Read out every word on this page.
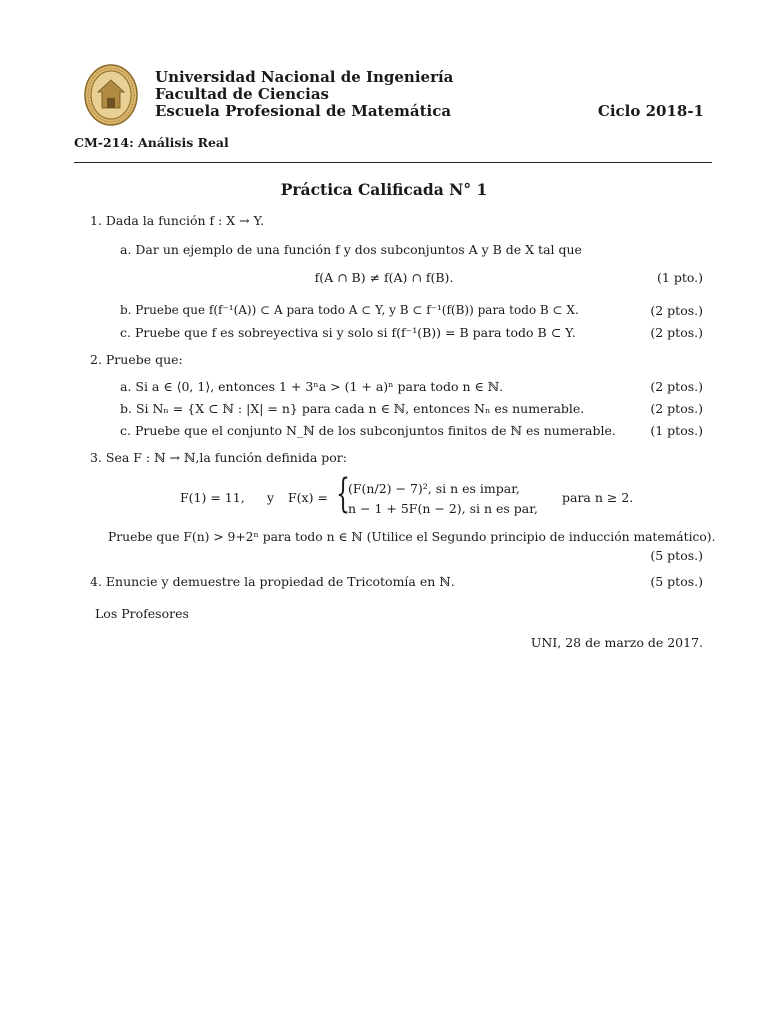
Universidad Nacional de Ingeniería
Facultad de Ciencias
Escuela Profesional de Matemática	Ciclo 2018-1
CM-214: Análisis Real
Práctica Calificada N° 1
1. Dada la función f : X → Y.
a. Dar un ejemplo de una función f y dos subconjuntos A y B de X tal que
f(A ∩ B) ≠ f(A) ∩ f(B).	(1 pto.)
b. Pruebe que f(f⁻¹(A)) ⊂ A para todo A ⊂ Y, y B ⊂ f⁻¹(f(B)) para todo B ⊂ X.	(2 ptos.)
c. Pruebe que f es sobreyectiva si y solo si f(f⁻¹(B)) = B para todo B ⊂ Y.	(2 ptos.)
2. Pruebe que:
a. Si a ∈ ⟨0, 1⟩, entonces 1 + 3ⁿa > (1 + a)ⁿ para todo n ∈ ℕ.	(2 ptos.)
b. Si Nₙ = {X ⊂ ℕ : |X| = n} para cada n ∈ ℕ, entonces Nₙ es numerable.	(2 ptos.)
c. Pruebe que el conjunto N_ℕ de los subconjuntos finitos de ℕ es numerable.	(1 ptos.)
3. Sea F : ℕ → ℕ,la función definida por:
F(1) = 11, y F(x) = {
(F(n/2) − 7)², si n es impar,
n − 1 + 5F(n − 2), si n es par,
para n ≥ 2.
Pruebe que F(n) > 9+2ⁿ para todo n ∈ ℕ (Utilice el Segundo principio de inducción matemático).
(5 ptos.)
4. Enuncie y demuestre la propiedad de Tricotomía en ℕ.	(5 ptos.)
Los Profesores
UNI, 28 de marzo de 2017.
